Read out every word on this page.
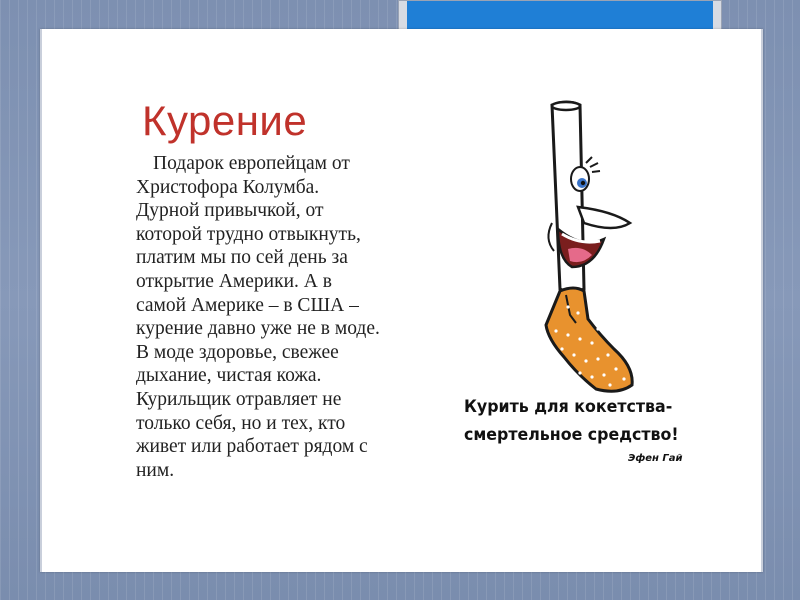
Курение

Подарок европейцам от Христофора Колумба. Дурной привычкой, от которой трудно отвыкнуть, платим мы по сей день за открытие Америки. А в самой Америке – в США – курение давно уже не в моде. В моде здоровье, свежее дыхание, чистая кожа. Курильщик отравляет не только себя, но и тех, кто живет или работает рядом с ним.

Курить для кокетства-
смертельное средство!

Эфен Гай
